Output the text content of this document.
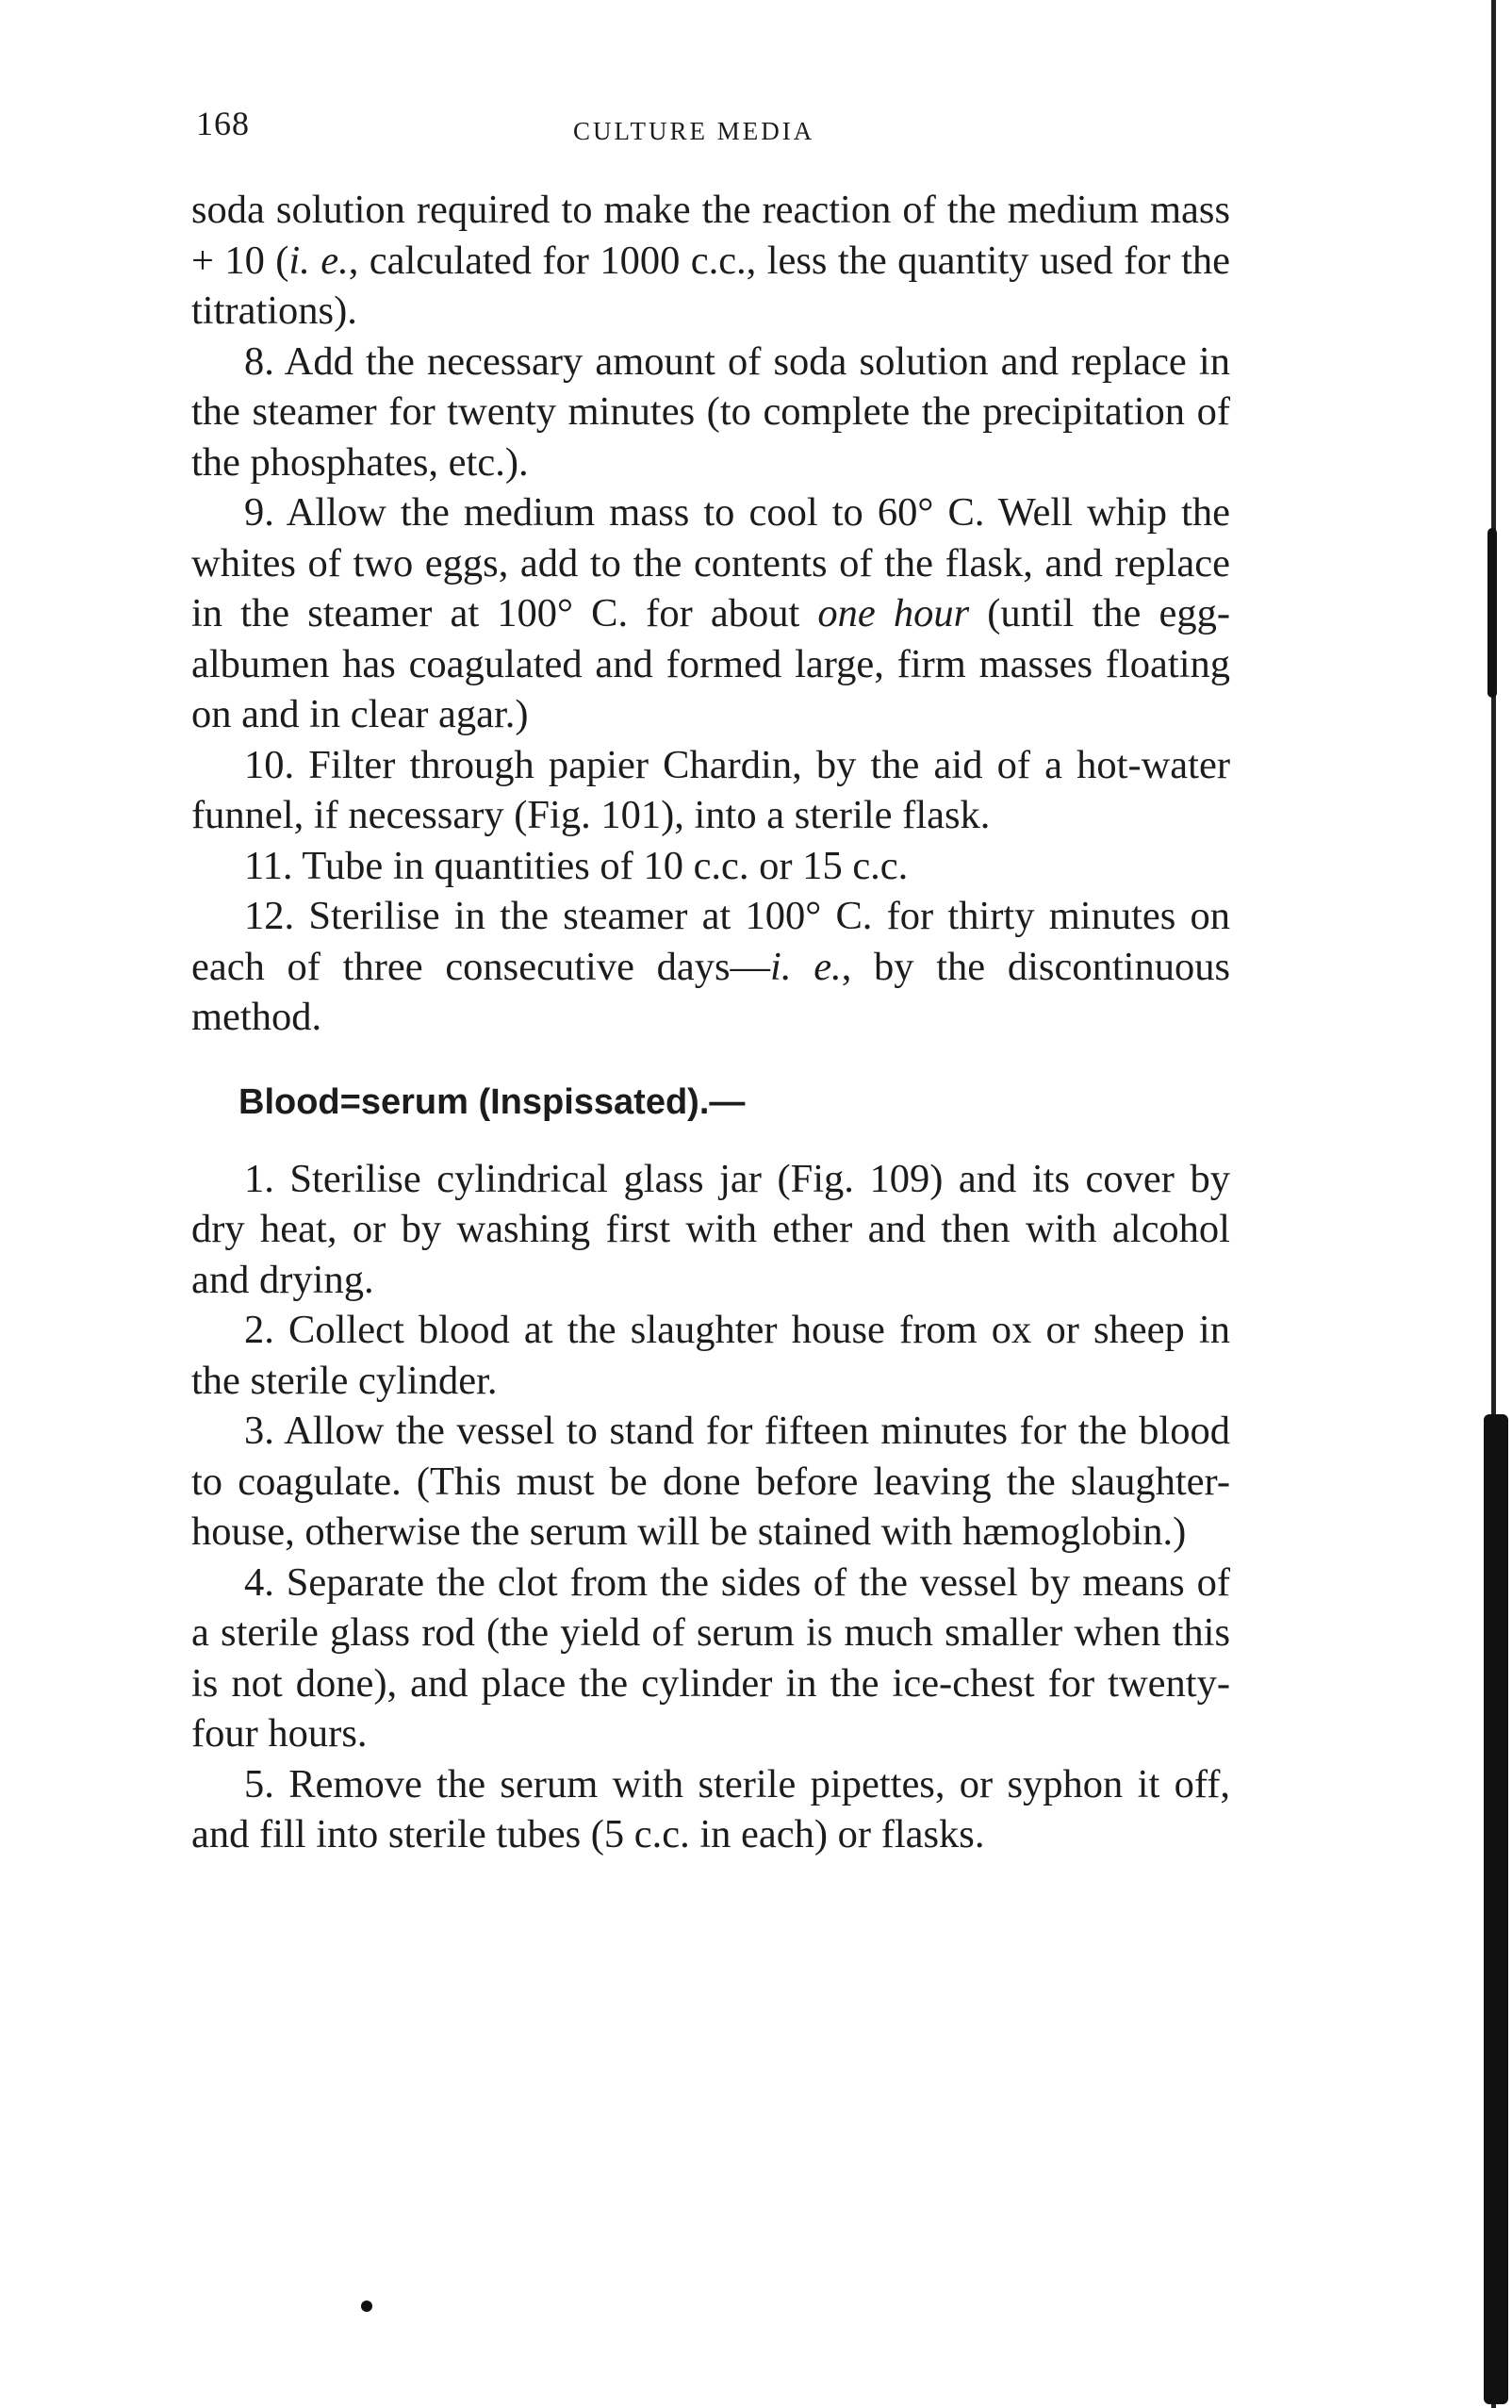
168	CULTURE MEDIA

soda solution required to make the reaction of the medium mass + 10 (i. e., calculated for 1000 c.c., less the quantity used for the titrations).

8. Add the necessary amount of soda solution and replace in the steamer for twenty minutes (to complete the precipitation of the phosphates, etc.).

9. Allow the medium mass to cool to 60° C. Well whip the whites of two eggs, add to the contents of the flask, and replace in the steamer at 100° C. for about one hour (until the egg-albumen has coagulated and formed large, firm masses floating on and in clear agar.)

10. Filter through papier Chardin, by the aid of a hot-water funnel, if necessary (Fig. 101), into a sterile flask.

11. Tube in quantities of 10 c.c. or 15 c.c.

12. Sterilise in the steamer at 100° C. for thirty minutes on each of three consecutive days—i. e., by the discontinuous method.

Blood=serum (Inspissated).—

1. Sterilise cylindrical glass jar (Fig. 109) and its cover by dry heat, or by washing first with ether and then with alcohol and drying.

2. Collect blood at the slaughter house from ox or sheep in the sterile cylinder.

3. Allow the vessel to stand for fifteen minutes for the blood to coagulate. (This must be done before leaving the slaughter-house, otherwise the serum will be stained with hæmoglobin.)

4. Separate the clot from the sides of the vessel by means of a sterile glass rod (the yield of serum is much smaller when this is not done), and place the cylinder in the ice-chest for twenty-four hours.

5. Remove the serum with sterile pipettes, or syphon it off, and fill into sterile tubes (5 c.c. in each) or flasks.
